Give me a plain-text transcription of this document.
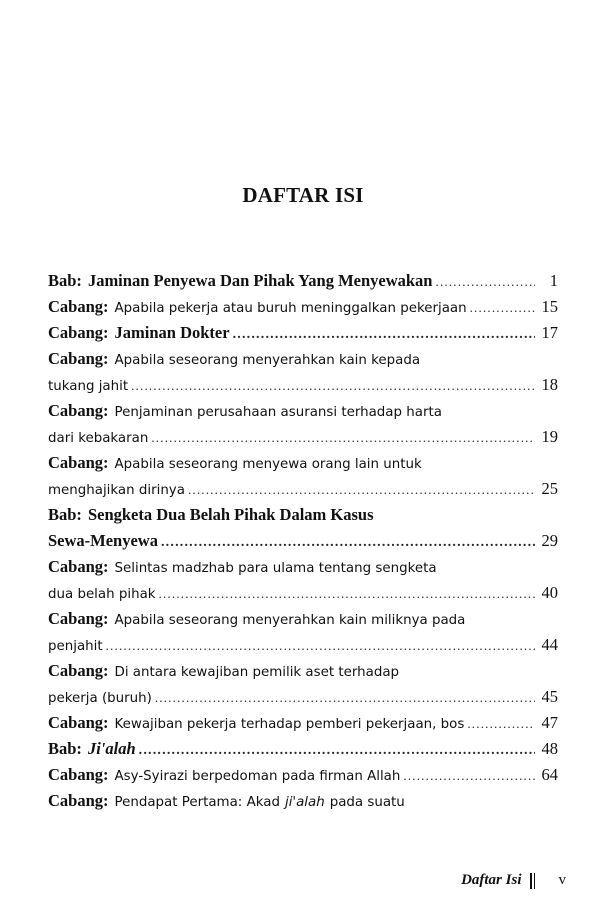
DAFTAR ISI
Bab: Jaminan Penyewa Dan Pihak Yang Menyewakan .....	1
Cabang: Apabila pekerja atau buruh meninggalkan pekerjaan .....	15
Cabang: Jaminan Dokter .....	17
Cabang: Apabila seseorang menyerahkan kain kepada
tukang jahit .....	18
Cabang: Penjaminan perusahaan asuransi terhadap harta
dari kebakaran .....	19
Cabang: Apabila seseorang menyewa orang lain untuk
menghajikan dirinya .....	25
Bab: Sengketa Dua Belah Pihak Dalam Kasus
Sewa-Menyewa .....	29
Cabang: Selintas madzhab para ulama tentang sengketa
dua belah pihak .....	40
Cabang: Apabila seseorang menyerahkan kain miliknya pada
penjahit .....	44
Cabang: Di antara kewajiban pemilik aset terhadap
pekerja (buruh) .....	45
Cabang: Kewajiban pekerja terhadap pemberi pekerjaan, bos .....	47
Bab: Ji'alah .....	48
Cabang: Asy-Syirazi berpedoman pada firman Allah .....	64
Cabang: Pendapat Pertama: Akad ji'alah pada suatu
Daftar Isi v
